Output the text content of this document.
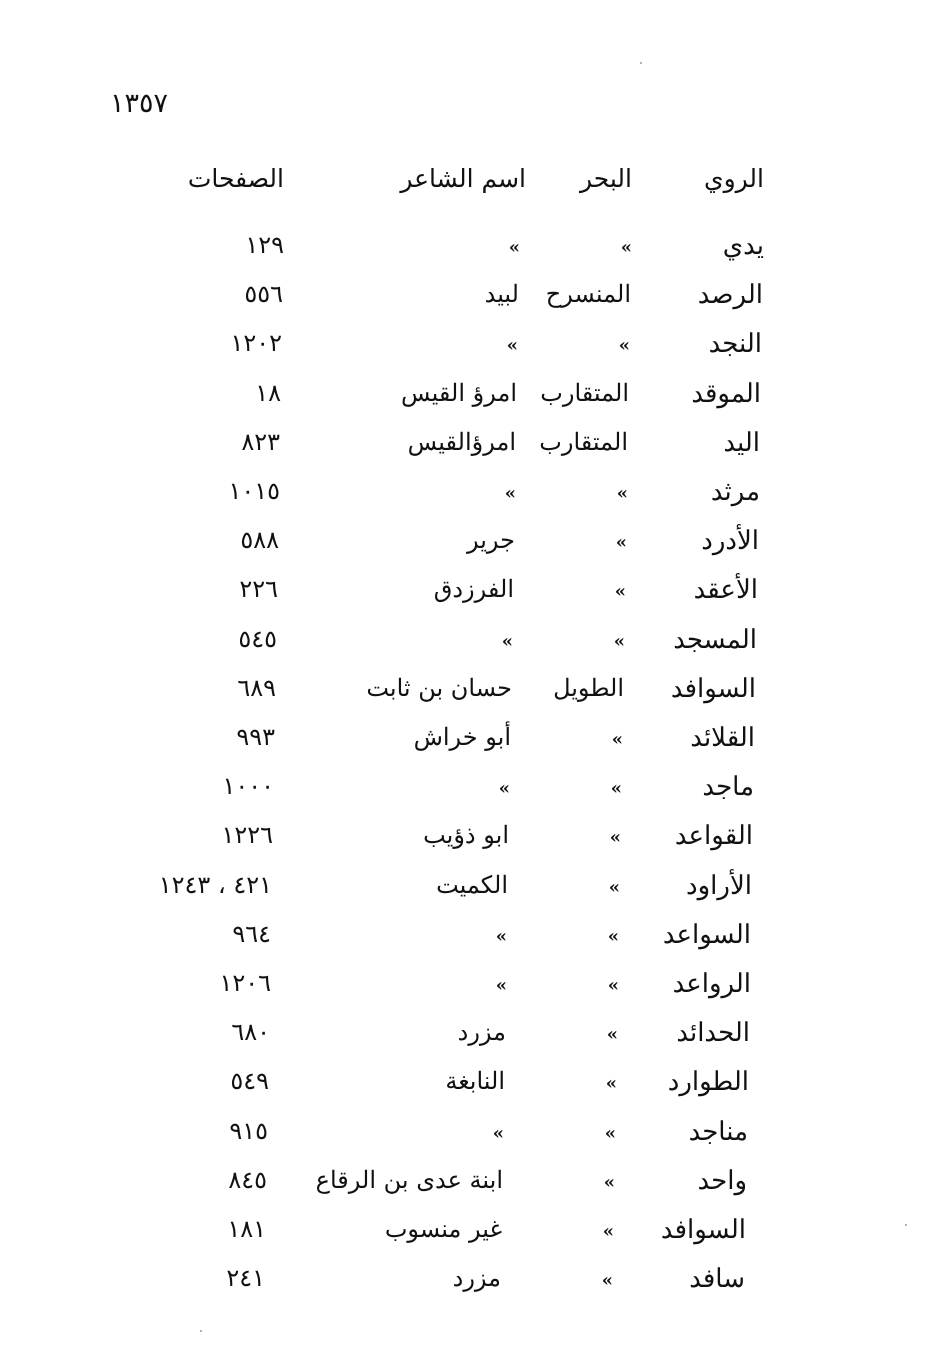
١٣٥٧
الروي
البحر
اسم الشاعر
الصفحات
يدي
»
»
١٢٩
الرصد
المنسرح
لبيد
٥٥٦
النجد
»
»
١٢٠٢
الموقد
المتقارب
امرؤ القيس
١٨
اليد
المتقارب
امرؤالقيس
٨٢٣
مرثد
»
»
١٠١٥
الأدرد
»
جرير
٥٨٨
الأعقد
»
الفرزدق
٢٢٦
المسجد
»
»
٥٤٥
السوافد
الطويل
حسان بن ثابت
٦٨٩
القلائد
»
أبو خراش
٩٩٣
ماجد
»
»
١٠٠٠
القواعد
»
ابو ذؤيب
١٢٢٦
الأراود
»
الكميت
٤٢١ ، ١٢٤٣
السواعد
»
»
٩٦٤
الرواعد
»
»
١٢٠٦
الحدائد
»
مزرد
٦٨٠
الطوارد
»
النابغة
٥٤٩
مناجد
»
»
٩١٥
واحد
»
ابنة عدى بن الرقاع
٨٤٥
السوافد
»
غير منسوب
١٨١
سافد
»
مزرد
٢٤١
